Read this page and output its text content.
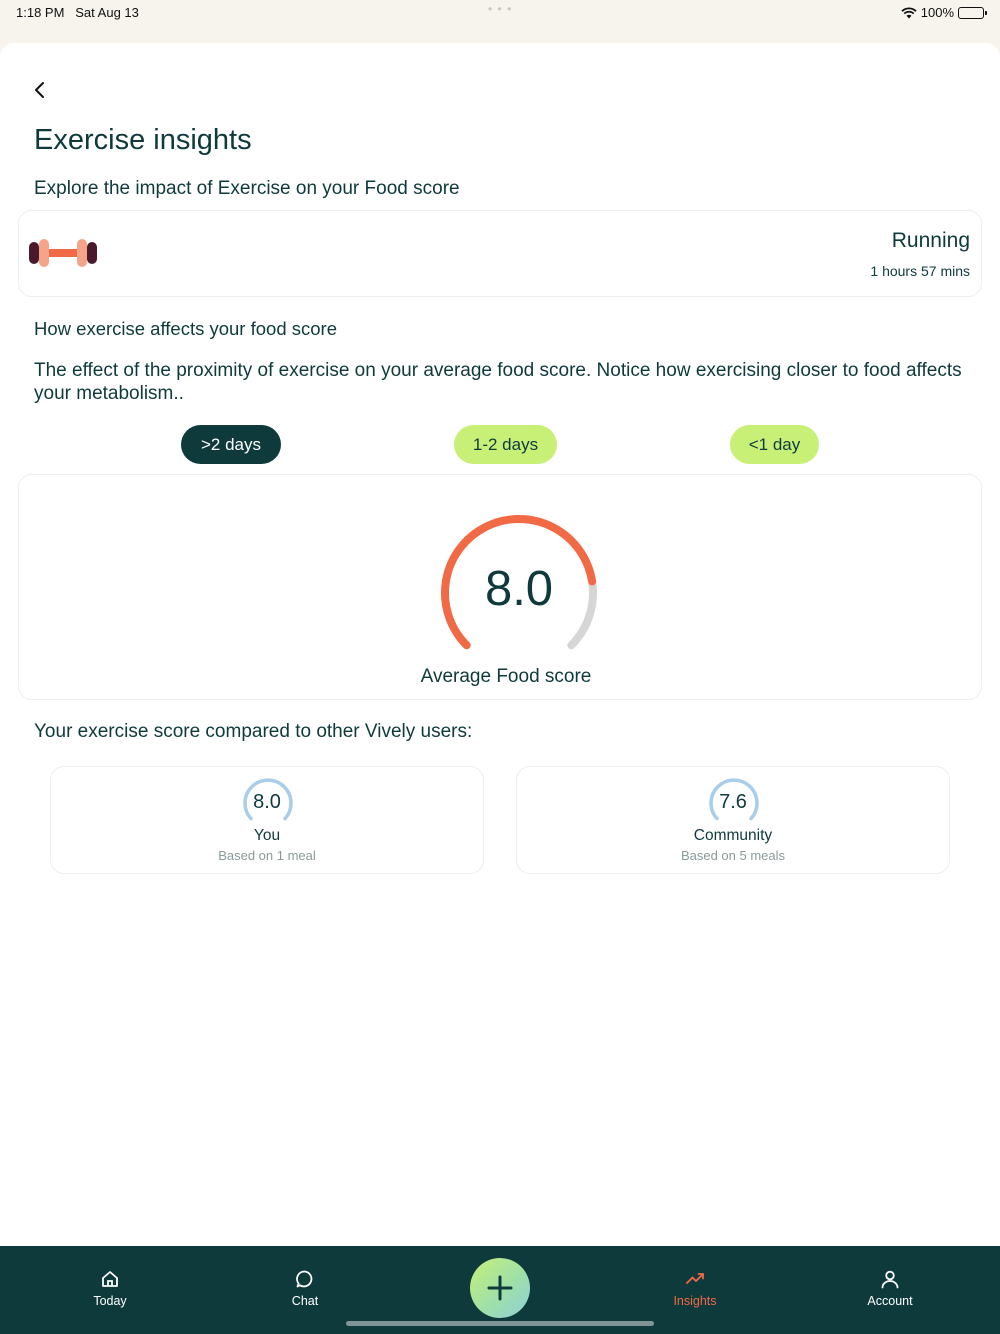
1:18 PM Sat Aug 13	• • •	100%
Exercise insights
Explore the impact of Exercise on your Food score
Running
1 hours 57 mins
How exercise affects your food score
The effect of the proximity of exercise on your average food score. Notice how exercising closer to food affects your metabolism..
>2 days	1-2 days	<1 day
8.0
Average Food score
Your exercise score compared to other Vively users:
8.0
You
Based on 1 meal
7.6
Community
Based on 5 meals
Today	Chat	Insights	Account
